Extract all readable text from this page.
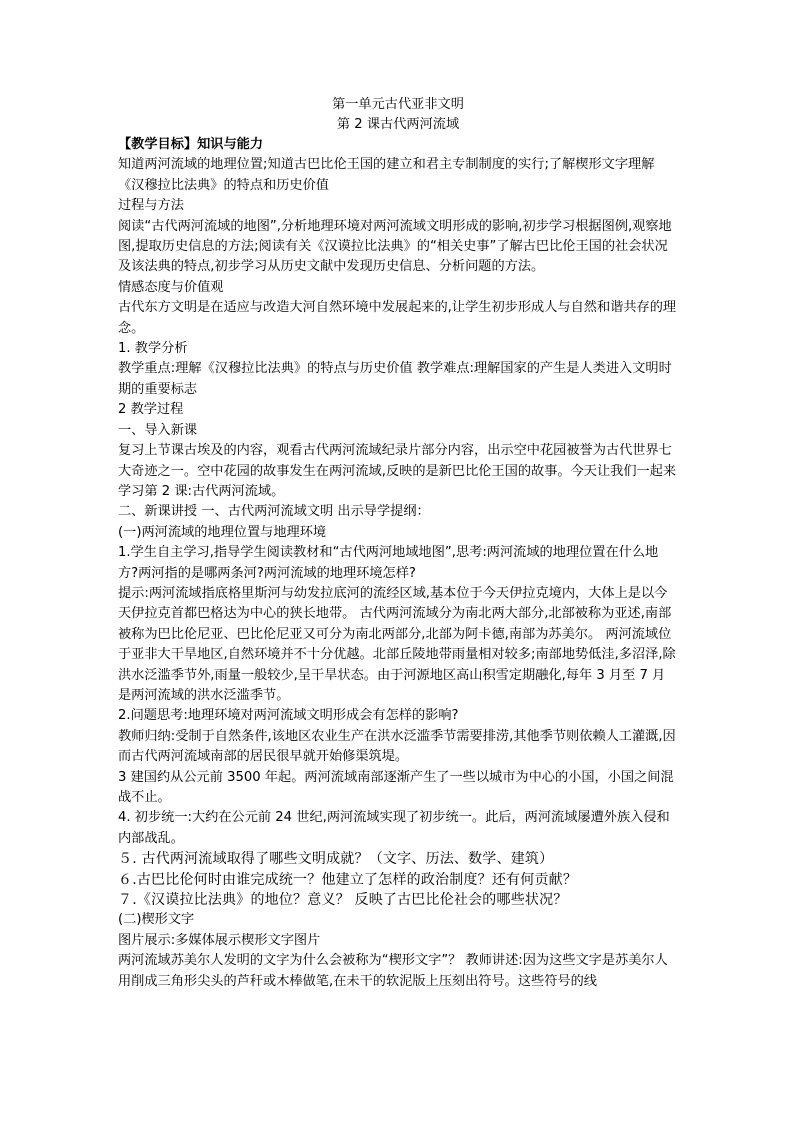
第一单元古代亚非文明
第 2 课古代两河流域

【教学目标】知识与能力

知道两河流域的地理位置;知道古巴比伦王国的建立和君主专制制度的实行;了解楔形文字理解《汉穆拉比法典》的特点和历史价值

过程与方法

阅读“古代两河流域的地图”,分析地理环境对两河流域文明形成的影响,初步学习根据图例,观察地图,提取历史信息的方法;阅读有关《汉谟拉比法典》的“相关史事”了解古巴比伦王国的社会状况及该法典的特点,初步学习从历史文献中发现历史信息、分析问题的方法。

情感态度与价值观

古代东方文明是在适应与改造大河自然环境中发展起来的,让学生初步形成人与自然和谐共存的理念。

1. 教学分析

教学重点:理解《汉穆拉比法典》的特点与历史价值 教学难点:理解国家的产生是人类进入文明时期的重要标志

2 教学过程

一、导入新课

复习上节课古埃及的内容，观看古代两河流域纪录片部分内容，出示空中花园被誉为古代世界七大奇迹之一。空中花园的故事发生在两河流域,反映的是新巴比伦王国的故事。今天让我们一起来学习第 2 课:古代两河流域。

二、新课讲授 一、古代两河流域文明 出示导学提纲：

(一)两河流域的地理位置与地理环境

1.学生自主学习,指导学生阅读教材和“古代两河地域地图”,思考:两河流域的地理位置在什么地方?两河指的是哪两条河?两河流域的地理环境怎样?

提示:两河流域指底格里斯河与幼发拉底河的流经区域,基本位于今天伊拉克境内，大体上是以今天伊拉克首都巴格达为中心的狭长地带。 古代两河流域分为南北两大部分,北部被称为亚述,南部被称为巴比伦尼亚、巴比伦尼亚又可分为南北两部分,北部为阿卡德,南部为苏美尔。 两河流域位于亚非大干旱地区,自然环境并不十分优越。北部丘陵地带雨量相对较多;南部地势低洼,多沼泽,除洪水泛滥季节外,雨量一般较少,呈干旱状态。由于河源地区高山积雪定期融化,每年 3 月至 7 月是两河流域的洪水泛滥季节。

2.问题思考:地理环境对两河流域文明形成会有怎样的影响?

教师归纳:受制于自然条件,该地区农业生产在洪水泛滥季节需要排涝,其他季节则依赖人工灌溉,因而古代两河流域南部的居民很早就开始修渠筑堤。

3 建国约从公元前 3500 年起。两河流域南部逐渐产生了一些以城市为中心的小国，小国之间混战不止。

4. 初步统一:大约在公元前 24 世纪,两河流域实现了初步统一。此后，两河流域屡遭外族入侵和内部战乱。

５. 古代两河流域取得了哪些文明成就？（文字、历法、数学、建筑）

６.古巴比伦何时由谁完成统一？他建立了怎样的政治制度？还有何贡献？

７.《汉谟拉比法典》的地位？意义？ 反映了古巴比伦社会的哪些状况？

(二)楔形文字

图片展示:多媒体展示楔形文字图片

两河流域苏美尔人发明的文字为什么会被称为“楔形文字”？ 教师讲述:因为这些文字是苏美尔人用削成三角形尖头的芦秆或木棒做笔,在未干的软泥版上压刻出符号。这些符号的线
